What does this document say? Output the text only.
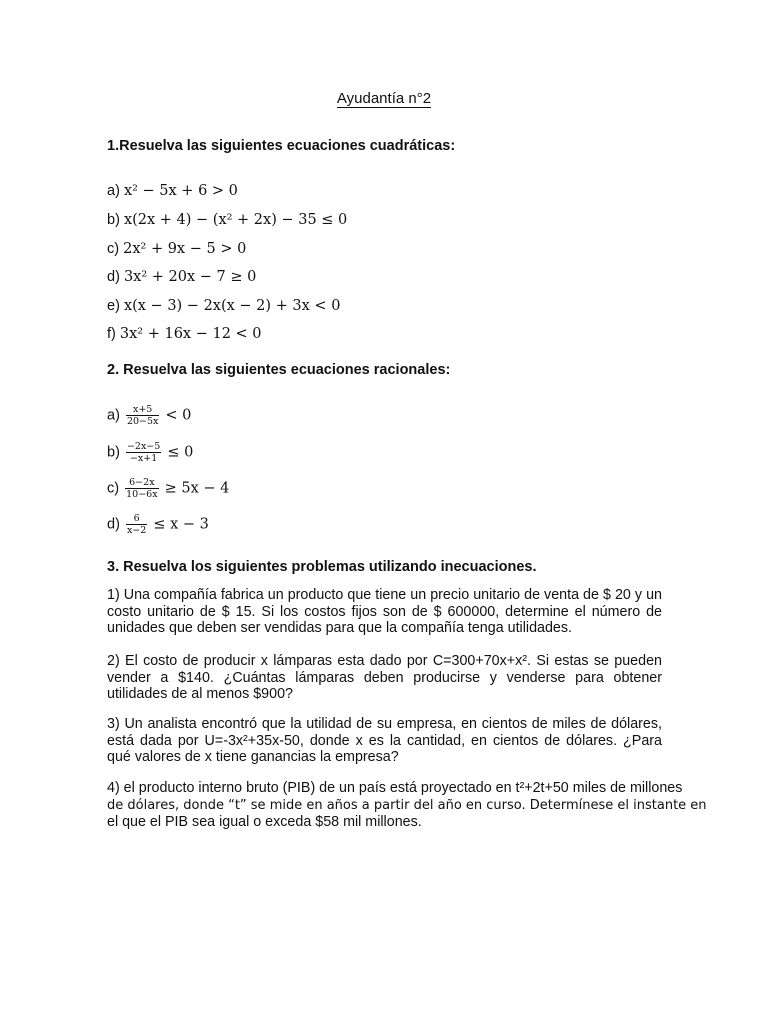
Ayudantía n°2
1.Resuelva las siguientes ecuaciones cuadráticas:
a) x² − 5x + 6 > 0
b) x(2x + 4) − (x² + 2x) − 35 ≤ 0
c) 2x² + 9x − 5 > 0
d) 3x² + 20x − 7 ≥ 0
e) x(x − 3) − 2x(x − 2) + 3x < 0
f) 3x² + 16x − 12 < 0
2. Resuelva las siguientes ecuaciones racionales:
$a) \frac{x+5}{20-5x} < 0$
$b) \frac{-2x-5}{-x+1} \le 0$
$c) \frac{6-2x}{10-6x} \ge 5x - 4$
$d) \frac{6}{x-2} \le x - 3$
3. Resuelva los siguientes problemas utilizando inecuaciones.
1) Una compañía fabrica un producto que tiene un precio unitario de venta de $ 20 y un costo unitario de $ 15. Si los costos fijos son de $ 600000, determine el número de unidades que deben ser vendidas para que la compañía tenga utilidades.
2) El costo de producir x lámparas esta dado por C=300+70x+x². Si estas se pueden vender a $140. ¿Cuántas lámparas deben producirse y venderse para obtener utilidades de al menos $900?
3) Un analista encontró que la utilidad de su empresa, en cientos de miles de dólares, está dada por U=-3x²+35x-50, donde x es la cantidad, en cientos de dólares. ¿Para qué valores de x tiene ganancias la empresa?
4) el producto interno bruto (PIB) de un país está proyectado en t²+2t+50 miles de millones
de dólares, donde “t” se mide en años a partir del año en curso. Determínese el instante en
el que el PIB sea igual o exceda $58 mil millones.
